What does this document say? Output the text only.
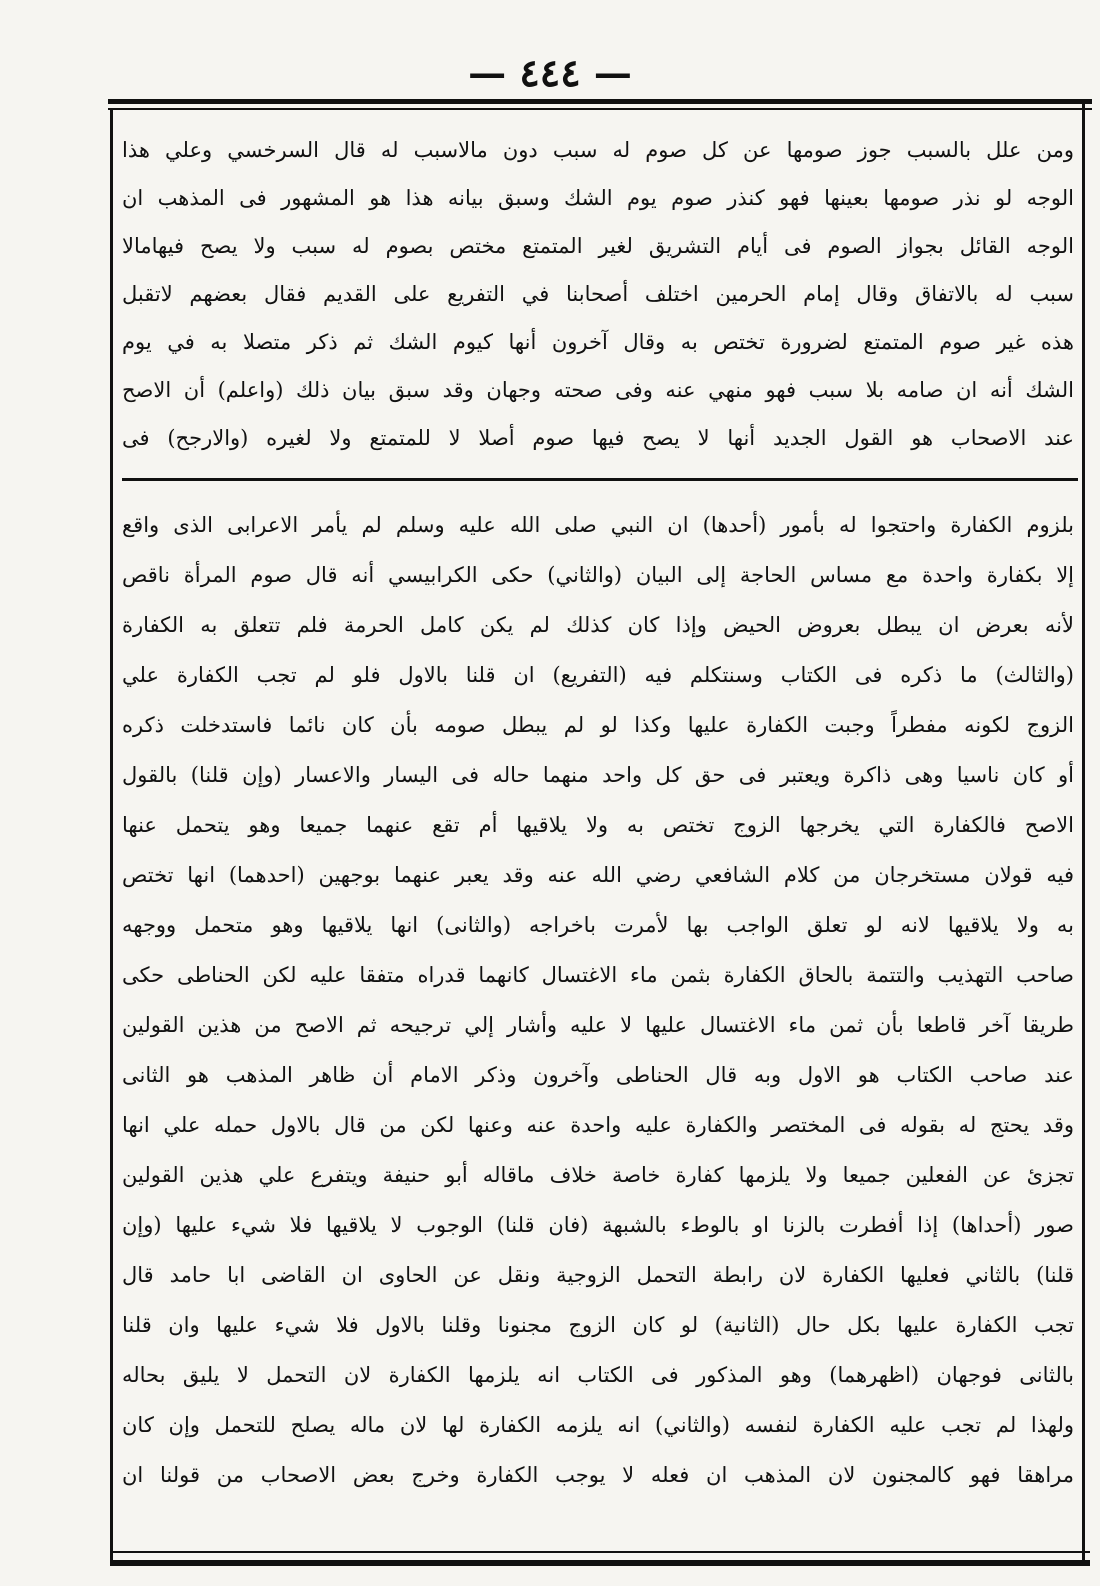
— ٤٤٤ —
ومن علل بالسبب جوز صومها عن كل صوم له سبب دون مالاسبب له قال السرخسي وعلي هذا
الوجه لو نذر صومها بعينها فهو كنذر صوم يوم الشك وسبق بيانه هذا هو المشهور فى المذهب ان
الوجه القائل بجواز الصوم فى أيام التشريق لغير المتمتع مختص بصوم له سبب ولا يصح فيهامالا
سبب له بالاتفاق وقال إمام الحرمين اختلف أصحابنا في التفريع على القديم فقال بعضهم لاتقبل
هذه غير صوم المتمتع لضرورة تختص به وقال آخرون أنها كيوم الشك ثم ذكر متصلا به في يوم
الشك أنه ان صامه بلا سبب فهو منهي عنه وفى صحته وجهان وقد سبق بيان ذلك (واعلم) أن الاصح
عند الاصحاب هو القول الجديد أنها لا يصح فيها صوم أصلا لا للمتمتع ولا لغيره (والارجح) فى
بلزوم الكفارة واحتجوا له بأمور (أحدها) ان النبي صلى الله عليه وسلم لم يأمر الاعرابى الذى واقع
إلا بكفارة واحدة مع مساس الحاجة إلى البيان (والثاني) حكى الكرابيسي أنه قال صوم المرأة ناقص
لأنه بعرض ان يبطل بعروض الحيض وإذا كان كذلك لم يكن كامل الحرمة فلم تتعلق به الكفارة
(والثالث) ما ذكره فى الكتاب وسنتكلم فيه (التفريع) ان قلنا بالاول فلو لم تجب الكفارة علي
الزوج لكونه مفطراً وجبت الكفارة عليها وكذا لو لم يبطل صومه بأن كان نائما فاستدخلت ذكره
أو كان ناسيا وهى ذاكرة ويعتبر فى حق كل واحد منهما حاله فى اليسار والاعسار (وإن قلنا) بالقول
الاصح فالكفارة التي يخرجها الزوج تختص به ولا يلاقيها أم تقع عنهما جميعا وهو يتحمل عنها
فيه قولان مستخرجان من كلام الشافعي رضي الله عنه وقد يعبر عنهما بوجهين (احدهما) انها تختص
به ولا يلاقيها لانه لو تعلق الواجب بها لأمرت باخراجه (والثانى) انها يلاقيها وهو متحمل ووجهه
صاحب التهذيب والتتمة بالحاق الكفارة بثمن ماء الاغتسال كانهما قدراه متفقا عليه لكن الحناطى حكى
طريقا آخر قاطعا بأن ثمن ماء الاغتسال عليها لا عليه وأشار إلي ترجيحه ثم الاصح من هذين القولين
عند صاحب الكتاب هو الاول وبه قال الحناطى وآخرون وذكر الامام أن ظاهر المذهب هو الثانى
وقد يحتج له بقوله فى المختصر والكفارة عليه واحدة عنه وعنها لكن من قال بالاول حمله علي انها
تجزئ عن الفعلين جميعا ولا يلزمها كفارة خاصة خلاف ماقاله أبو حنيفة ويتفرع علي هذين القولين
صور (أحداها) إذا أفطرت بالزنا او بالوطء بالشبهة (فان قلنا) الوجوب لا يلاقيها فلا شيء عليها (وإن
قلنا) بالثاني فعليها الكفارة لان رابطة التحمل الزوجية ونقل عن الحاوى ان القاضى ابا حامد قال
تجب الكفارة عليها بكل حال (الثانية) لو كان الزوج مجنونا وقلنا بالاول فلا شيء عليها وان قلنا
بالثانى فوجهان (اظهرهما) وهو المذكور فى الكتاب انه يلزمها الكفارة لان التحمل لا يليق بحاله
ولهذا لم تجب عليه الكفارة لنفسه (والثاني) انه يلزمه الكفارة لها لان ماله يصلح للتحمل وإن كان
مراهقا فهو كالمجنون لان المذهب ان فعله لا يوجب الكفارة وخرج بعض الاصحاب من قولنا ان
